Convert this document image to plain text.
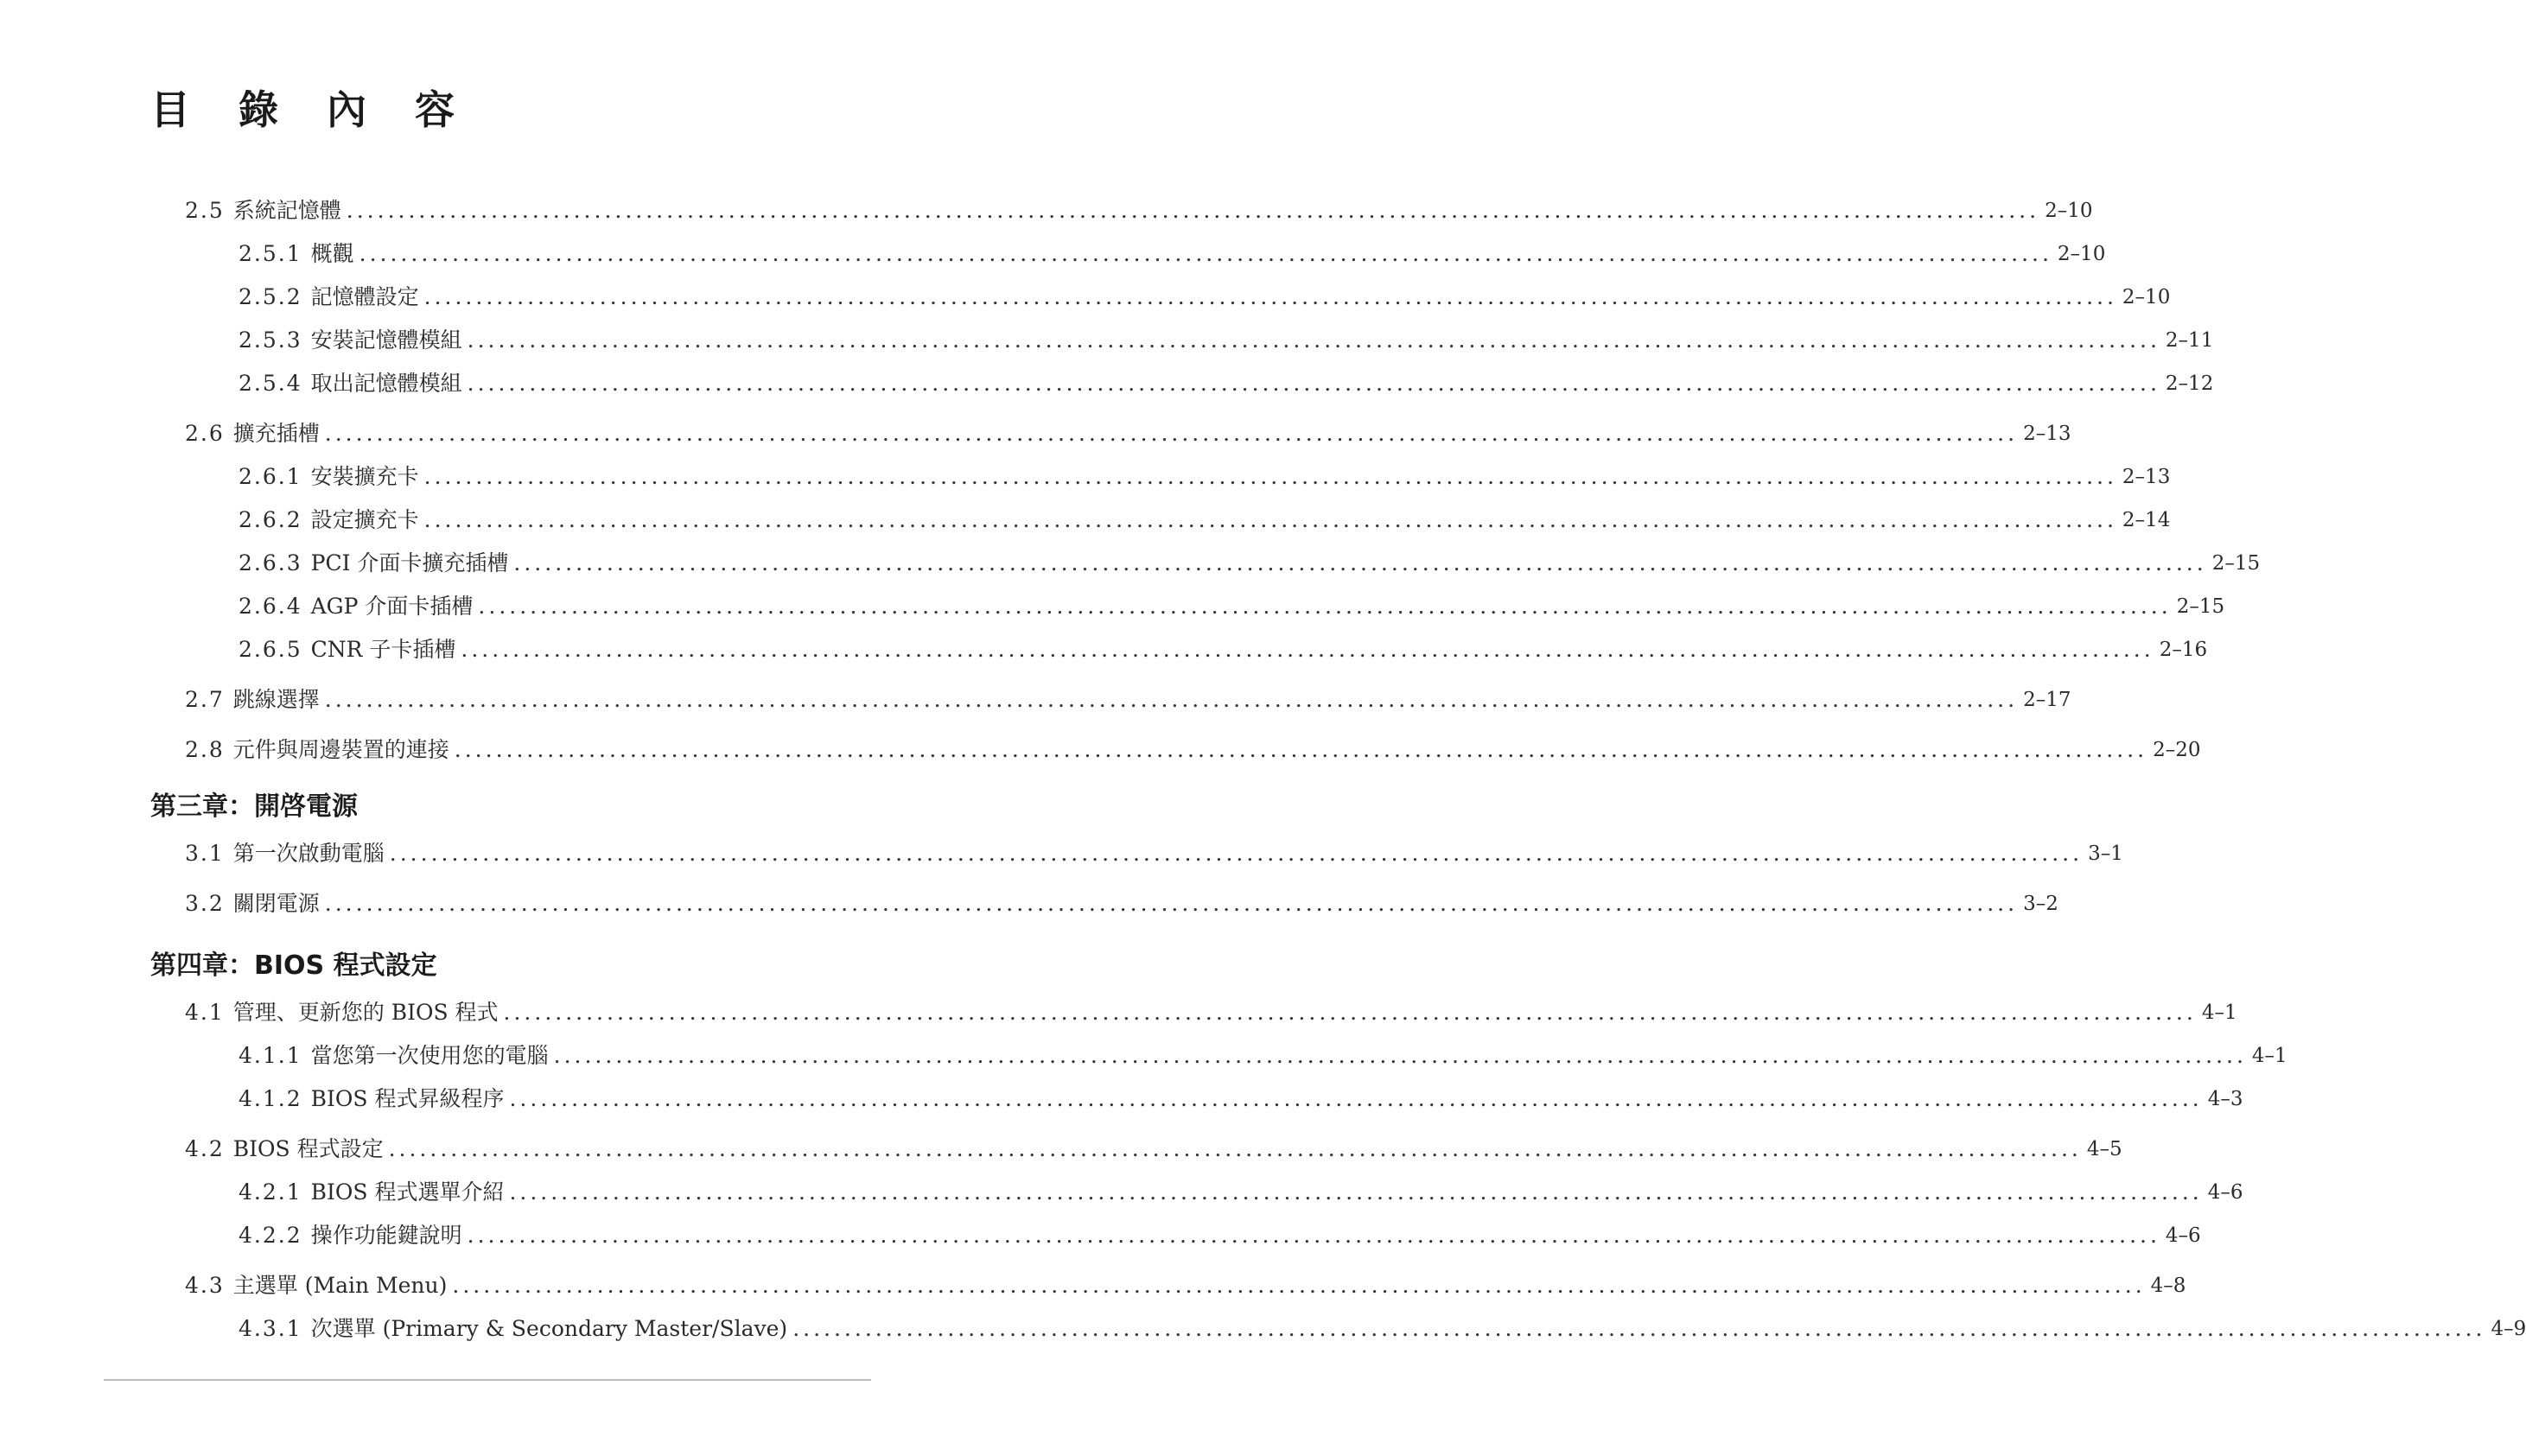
目 錄 內 容
2.5 系統記憶體 .................................................................................................................................................................... 2–10
2.5.1 概觀 .................................................................................................................................................................... 2–10
2.5.2 記憶體設定 .................................................................................................................................................................... 2–10
2.5.3 安裝記憶體模組 .................................................................................................................................................................... 2–11
2.5.4 取出記憶體模組 .................................................................................................................................................................... 2–12
2.6 擴充插槽 .................................................................................................................................................................... 2–13
2.6.1 安裝擴充卡 .................................................................................................................................................................... 2–13
2.6.2 設定擴充卡 .................................................................................................................................................................... 2–14
2.6.3 PCI 介面卡擴充插槽 .................................................................................................................................................................... 2–15
2.6.4 AGP 介面卡插槽 .................................................................................................................................................................... 2–15
2.6.5 CNR 子卡插槽 .................................................................................................................................................................... 2–16
2.7 跳線選擇 .................................................................................................................................................................... 2–17
2.8 元件與周邊裝置的連接 .................................................................................................................................................................... 2–20
第三章：開啓電源
3.1 第一次啟動電腦 .................................................................................................................................................................... 3–1
3.2 關閉電源 .................................................................................................................................................................... 3–2
第四章：BIOS 程式設定
4.1 管理、更新您的 BIOS 程式 .................................................................................................................................................................... 4–1
4.1.1 當您第一次使用您的電腦 .................................................................................................................................................................... 4–1
4.1.2 BIOS 程式昇級程序 .................................................................................................................................................................... 4–3
4.2 BIOS 程式設定 .................................................................................................................................................................... 4–5
4.2.1 BIOS 程式選單介紹 .................................................................................................................................................................... 4–6
4.2.2 操作功能鍵說明 .................................................................................................................................................................... 4–6
4.3 主選單 (Main Menu) .................................................................................................................................................................... 4–8
4.3.1 次選單 (Primary & Secondary Master/Slave) .................................................................................................................................................................... 4–9
